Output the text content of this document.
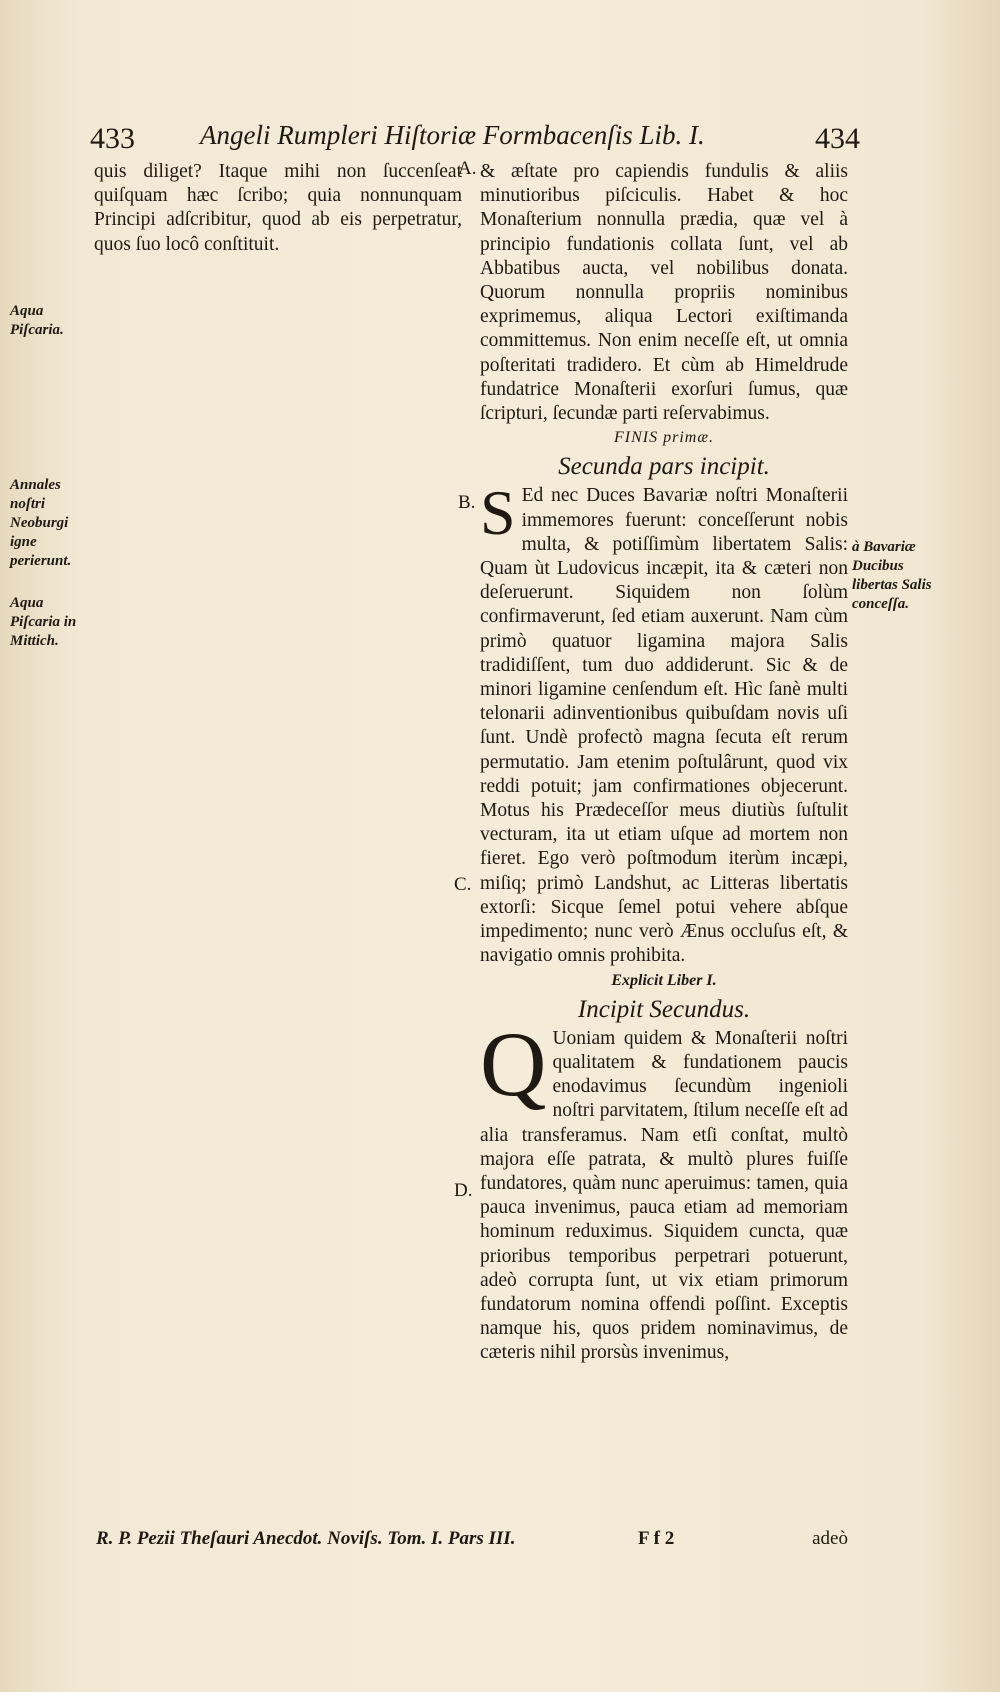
433 Angeli Rumpleri Hiſtoriæ Formbacenſis Lib. I.	434

quis diliget? Itaque mihi non ſuccenſeat quiſquam hæc ſcribo; quia nonnunquam Principi adſcribitur, quod ab eis perpetratur, quos ſuo locô conſtituit.

& æſtate pro capiendis fundulis & aliis minutioribus piſciculis. Habet & hoc Monaſterium nonnulla prædia, quæ vel à principio fundationis collata ſunt, vel ab Abbatibus aucta, vel nobilibus donata. Quorum nonnulla propriis nominibus exprimemus, aliqua Lectori exiſtimanda committemus. Non enim neceſſe eſt, ut omnia poſteritati tradidero. Et cùm ab Himeldrude fundatrice Monaſterii exorſuri ſumus, quæ ſcripturi, ſecundæ parti reſervabimus.

FINIS primæ.

Secunda pars incipit.

S Ed nec Duces Bavariæ noſtri Monaſterii immemores fuerunt: conceſſerunt nobis multa, & potiſſimùm libertatem Salis: Quam ùt Ludovicus incæpit, ita & cæteri non deſeruerunt. Siquidem non ſolùm confirmaverunt, ſed etiam auxerunt. Nam cùm primò quatuor ligamina majora Salis tradidiſſent, tum duo addiderunt. Sic & de minori ligamine cenſendum eſt. Hìc ſanè multi telonarii adinventionibus quibuſdam novis uſi ſunt. Undè profectò magna ſecuta eſt rerum permutatio. Jam etenim poſtulârunt, quod vix reddi potuit; jam confirmationes objecerunt. Motus his Prædeceſſor meus diutiùs ſuſtulit vecturam, ita ut etiam uſque ad mortem non fieret. Ego verò poſtmodum iterùm incæpi, miſiq; primò Landshut, ac Litteras libertatis extorſi: Sicque ſemel potui vehere abſque impedimento; nunc verò Ænus occluſus eſt, & navigatio omnis prohibita.

Explicit Liber I.

Incipit Secundus.

Q Uoniam quidem & Monaſterii noſtri qualitatem & fundationem paucis enodavimus ſecundùm ingenioli noſtri parvitatem, ſtilum neceſſe eſt ad alia transferamus. Nam etſi conſtat, multò majora eſſe patrata, & multò plures fuiſſe fundatores, quàm nunc aperuimus: tamen, quia pauca invenimus, pauca etiam ad memoriam hominum reduximus. Siquidem cuncta, quæ prioribus temporibus perpetrari potuerunt, adeò corrupta ſunt, ut vix etiam primorum fundatorum nomina offendi poſſint. Exceptis namque his, quos pridem nominavimus, de cæteris nihil prorsùs invenimus,

Aqua Piſcaria.
Annales noſtri Neoburgi igne perierunt.
Aqua Piſcaria in Mittich.
à Bavariæ Ducibus libertas Salis conceſſa.
A.
B.
C.
D.
R. P. Pezii Theſauri Anecdot. Noviſs. Tom. I. Pars III.	F f 2	adeò
